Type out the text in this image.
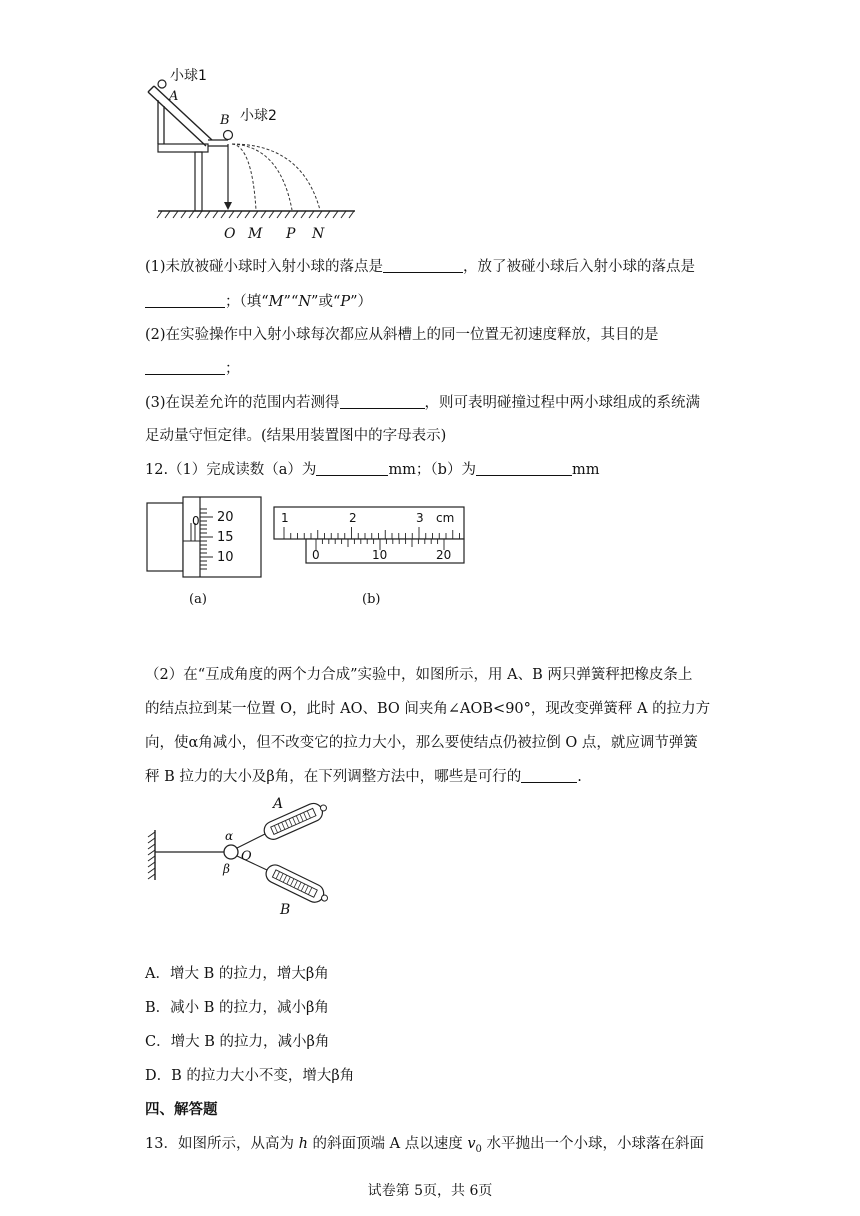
小球1
A
B 小球2
O M P N
(1)未放被碰小球时入射小球的落点是	，放了被碰小球后入射小球的落点是
；（填“M”“N”或“P”）
(2)在实验操作中入射小球每次都应从斜槽上的同一位置无初速度释放，其目的是
；
(3)在误差允许的范围内若测得	，则可表明碰撞过程中两小球组成的系统满
足动量守恒定律。(结果用装置图中的字母表示)
12.（1）完成读数（a）为	mm；（b）为	mm
0 20
15
10
(a)
1	2	3 cm
0	10	20
(b)
（2）在“互成角度的两个力合成”实验中，如图所示，用 A、B 两只弹簧秤把橡皮条上
的结点拉到某一位置 O，此时 AO、BO 间夹角∠AOB<90°，现改变弹簧秤 A 的拉力方
向，使α角减小，但不改变它的拉力大小，那么要使结点仍被拉倒 O 点，就应调节弹簧
秤 B 拉力的大小及β角，在下列调整方法中，哪些是可行的	.
A
B
O
α
β
A．增大 B 的拉力，增大β角
B．减小 B 的拉力，减小β角
C．增大 B 的拉力，减小β角
D．B 的拉力大小不变，增大β角
四、解答题
13．如图所示，从高为 h 的斜面顶端 A 点以速度 $v_0$ 水平抛出一个小球，小球落在斜面
试卷第 5页，共 6页
